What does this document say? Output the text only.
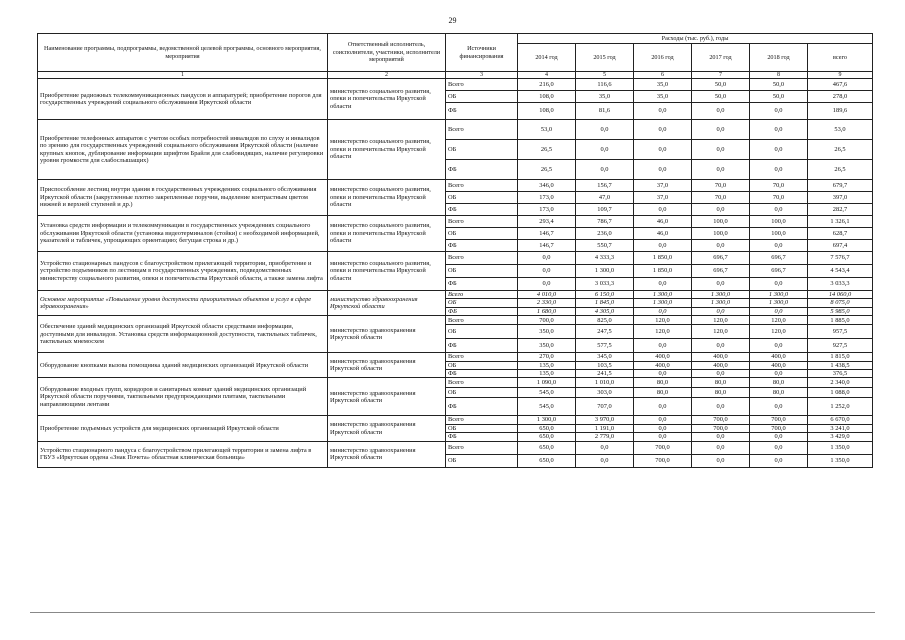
29
Наименование программы, подпрограммы, ведомственной целевой программы, основного мероприятия, мероприятия	Ответственный исполнитель, соисполнители, участники, исполнители мероприятий	Источники финансирования	Расходы (тыс. руб.), годы					
			2014 год	2015 год	2016 год	2017 год	2018 год	всего
1	2	3	4	5	6	7	8	9
Приобретение радиожных телекоммуникационных пандусов и аппаратурей; приобретение порогов для государственных учреждений социального обслуживания Иркутской области	министерство социального развития, опеки и попечительства Иркутской области	Всего	216,0	116,6	35,0	50,0	50,0	467,6
		ОБ	108,0	35,0	35,0	50,0	50,0	278,0
		ФБ	108,0	81,6	0,0	0,0	0,0	189,6
Приобретение телефонных аппаратов с учетом особых потребностей инвалидов по слуху и инвалидов по зрению для государственных учреждений социального обслуживания Иркутской области (наличие крупных кнопок, дублирование информации шрифтом Брайля для слабовидящих, наличие регулировки уровня громкости для слабослышащих)	министерство социального развития, опеки и попечительства Иркутской области	Всего	53,0	0,0	0,0	0,0	0,0	53,0
		ОБ	26,5	0,0	0,0	0,0	0,0	26,5
		ФБ	26,5	0,0	0,0	0,0	0,0	26,5
Приспособление лестниц внутри здания в государственных учреждениях социального обслуживания Иркутской области (закругленные плотно закрепленные поручни, выделение контрастным цветом нижней и верхней ступеней и др.)	министерство социального развития, опеки и попечительства Иркутской области	Всего	346,0	156,7	37,0	70,0	70,0	679,7
		ОБ	173,0	47,0	37,0	70,0	70,0	397,0
		ФБ	173,0	109,7	0,0	0,0	0,0	282,7
Установка средств информации и телекоммуникации в государственных учреждениях социального обслуживания Иркутской области (установка видеотерминалов (стойки) с необходимой информацией, указателей и табличек, упрощающих ориентацию; бегущая строка и др.)	министерство социального развития, опеки и попечительства Иркутской области	Всего	293,4	786,7	46,0	100,0	100,0	1 326,1
		ОБ	146,7	236,0	46,0	100,0	100,0	628,7
		ФБ	146,7	550,7	0,0	0,0	0,0	697,4
Устройство стационарных пандусов с благоустройством прилегающей территории, приобретение и устройство подъемников по лестницам в государственных учреждениях, подведомственных министерству социального развития, опеки и попечительства Иркутской области, а также замена лифта	министерство социального развития, опеки и попечительства Иркутской области	Всего	0,0	4 333,3	1 850,0	696,7	696,7	7 576,7
		ОБ	0,0	1 300,0	1 850,0	696,7	696,7	4 543,4
		ФБ	0,0	3 033,3	0,0	0,0	0,0	3 033,3
Основное мероприятие «Повышение уровня доступности приоритетных объектов и услуг в сфере здравоохранения»	министерство здравоохранения Иркутской области	Всего	4 010,0	6 150,0	1 300,0	1 300,0	1 300,0	14 060,0
		ОБ	2 330,0	1 845,0	1 300,0	1 300,0	1 300,0	8 075,0
		ФБ	1 680,0	4 305,0	0,0	0,0	0,0	5 985,0
Обеспечение зданий медицинских организаций Иркутской области средствами информации, доступными для инвалидов. Установка средств информационной доступности, тактильных табличек, тактильных мнемосхем	министерство здравоохранения Иркутской области	Всего	700,0	825,0	120,0	120,0	120,0	1 885,0
		ОБ	350,0	247,5	120,0	120,0	120,0	957,5
		ФБ	350,0	577,5	0,0	0,0	0,0	927,5
Оборудование кнопками вызова помощника зданий медицинских организаций Иркутской области	министерство здравоохранения Иркутской области	Всего	270,0	345,0	400,0	400,0	400,0	1 815,0
		ОБ	135,0	103,5	400,0	400,0	400,0	1 438,5
		ФБ	135,0	241,5	0,0	0,0	0,0	376,5
Оборудование входных групп, коридоров и санитарных комнат зданий медицинских организаций Иркутской области поручнями, тактильными предупреждающими плитами, тактильными направляющими лентами	министерство здравоохранения Иркутской области	Всего	1 090,0	1 010,0	80,0	80,0	80,0	2 340,0
		ОБ	545,0	303,0	80,0	80,0	80,0	1 088,0
		ФБ	545,0	707,0	0,0	0,0	0,0	1 252,0
Приобретение подъемных устройств для медицинских организаций Иркутской области	министерство здравоохранения Иркутской области	Всего	1 300,0	3 970,0	0,0	700,0	700,0	6 670,0
		ОБ	650,0	1 191,0	0,0	700,0	700,0	3 241,0
		ФБ	650,0	2 779,0	0,0	0,0	0,0	3 429,0
Устройство стационарного пандуса с благоустройством прилегающей территории и замена лифта в ГБУЗ «Иркутская ордена «Знак Почета» областная клиническая больница»	министерство здравоохранения Иркутской области	Всего	650,0	0,0	700,0	0,0	0,0	1 350,0
		ОБ	650,0	0,0	700,0	0,0	0,0	1 350,0
